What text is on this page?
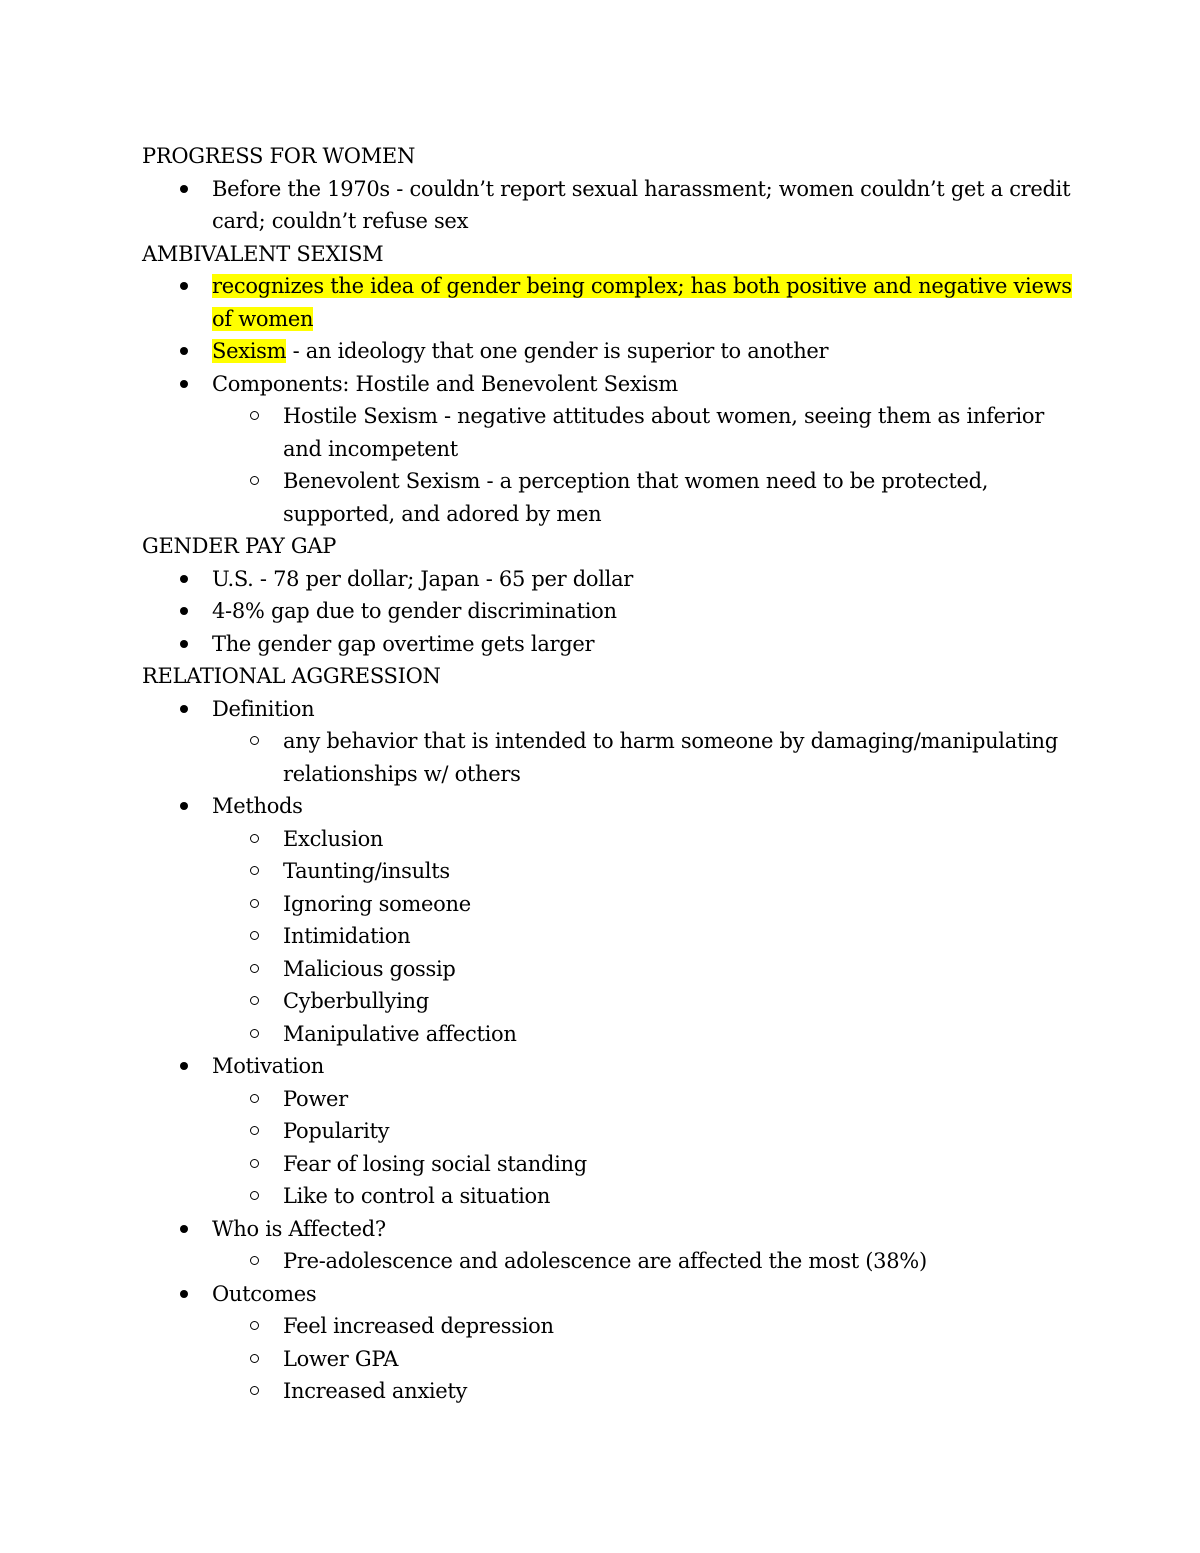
PROGRESS FOR WOMEN

Before the 1970s - couldn’t report sexual harassment; women couldn’t get a credit card; couldn’t refuse sex

AMBIVALENT SEXISM

recognizes the idea of gender being complex; has both positive and negative views of women
Sexism - an ideology that one gender is superior to another
Components: Hostile and Benevolent Sexism
Hostile Sexism - negative attitudes about women, seeing them as inferior and incompetent
Benevolent Sexism - a perception that women need to be protected, supported, and adored by men

GENDER PAY GAP

U.S. - 78 per dollar; Japan - 65 per dollar
4-8% gap due to gender discrimination
The gender gap overtime gets larger

RELATIONAL AGGRESSION

Definition
any behavior that is intended to harm someone by damaging/manipulating relationships w/ others
Methods
Exclusion
Taunting/insults
Ignoring someone
Intimidation
Malicious gossip
Cyberbullying
Manipulative affection
Motivation
Power
Popularity
Fear of losing social standing
Like to control a situation
Who is Affected?
Pre-adolescence and adolescence are affected the most (38%)
Outcomes
Feel increased depression
Lower GPA
Increased anxiety
